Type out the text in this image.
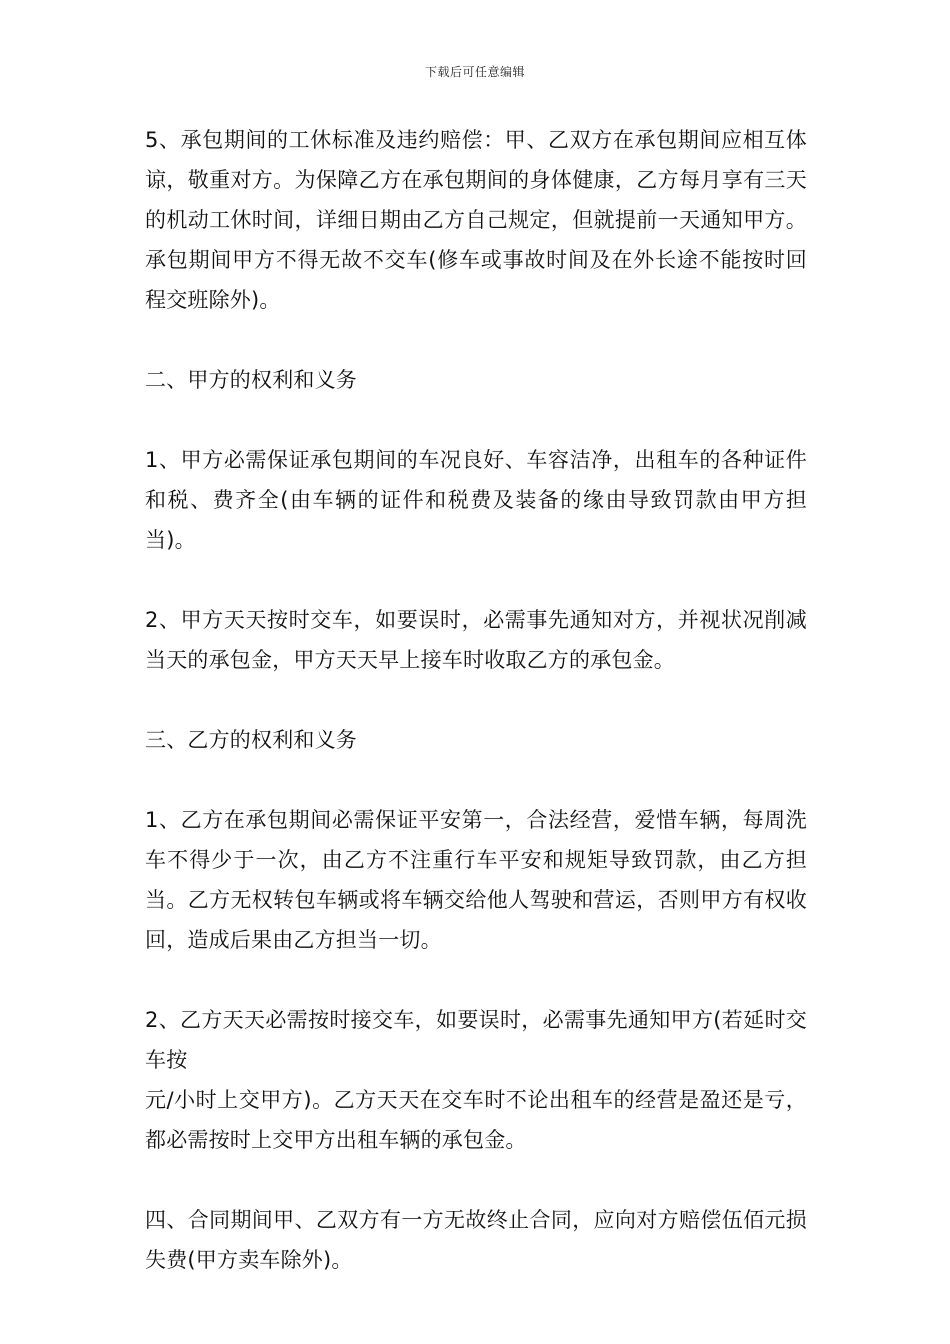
下载后可任意编辑

5、承包期间的工休标准及违约赔偿：甲、乙双方在承包期间应相互体谅，敬重对方。为保障乙方在承包期间的身体健康，乙方每月享有三天的机动工休时间，详细日期由乙方自己规定，但就提前一天通知甲方。承包期间甲方不得无故不交车(修车或事故时间及在外长途不能按时回程交班除外)。

二、甲方的权利和义务

1、甲方必需保证承包期间的车况良好、车容洁净，出租车的各种证件和税、费齐全(由车辆的证件和税费及装备的缘由导致罚款由甲方担当)。

2、甲方天天按时交车，如要误时，必需事先通知对方，并视状况削减当天的承包金，甲方天天早上接车时收取乙方的承包金。

三、乙方的权利和义务

1、乙方在承包期间必需保证平安第一，合法经营，爱惜车辆，每周洗车不得少于一次，由乙方不注重行车平安和规矩导致罚款，由乙方担当。乙方无权转包车辆或将车辆交给他人驾驶和营运，否则甲方有权收回，造成后果由乙方担当一切。

2、乙方天天必需按时接交车，如要误时，必需事先通知甲方(若延时交车按
元/小时上交甲方)。乙方天天在交车时不论出租车的经营是盈还是亏，都必需按时上交甲方出租车辆的承包金。

四、合同期间甲、乙双方有一方无故终止合同，应向对方赔偿伍佰元损失费(甲方卖车除外)。
